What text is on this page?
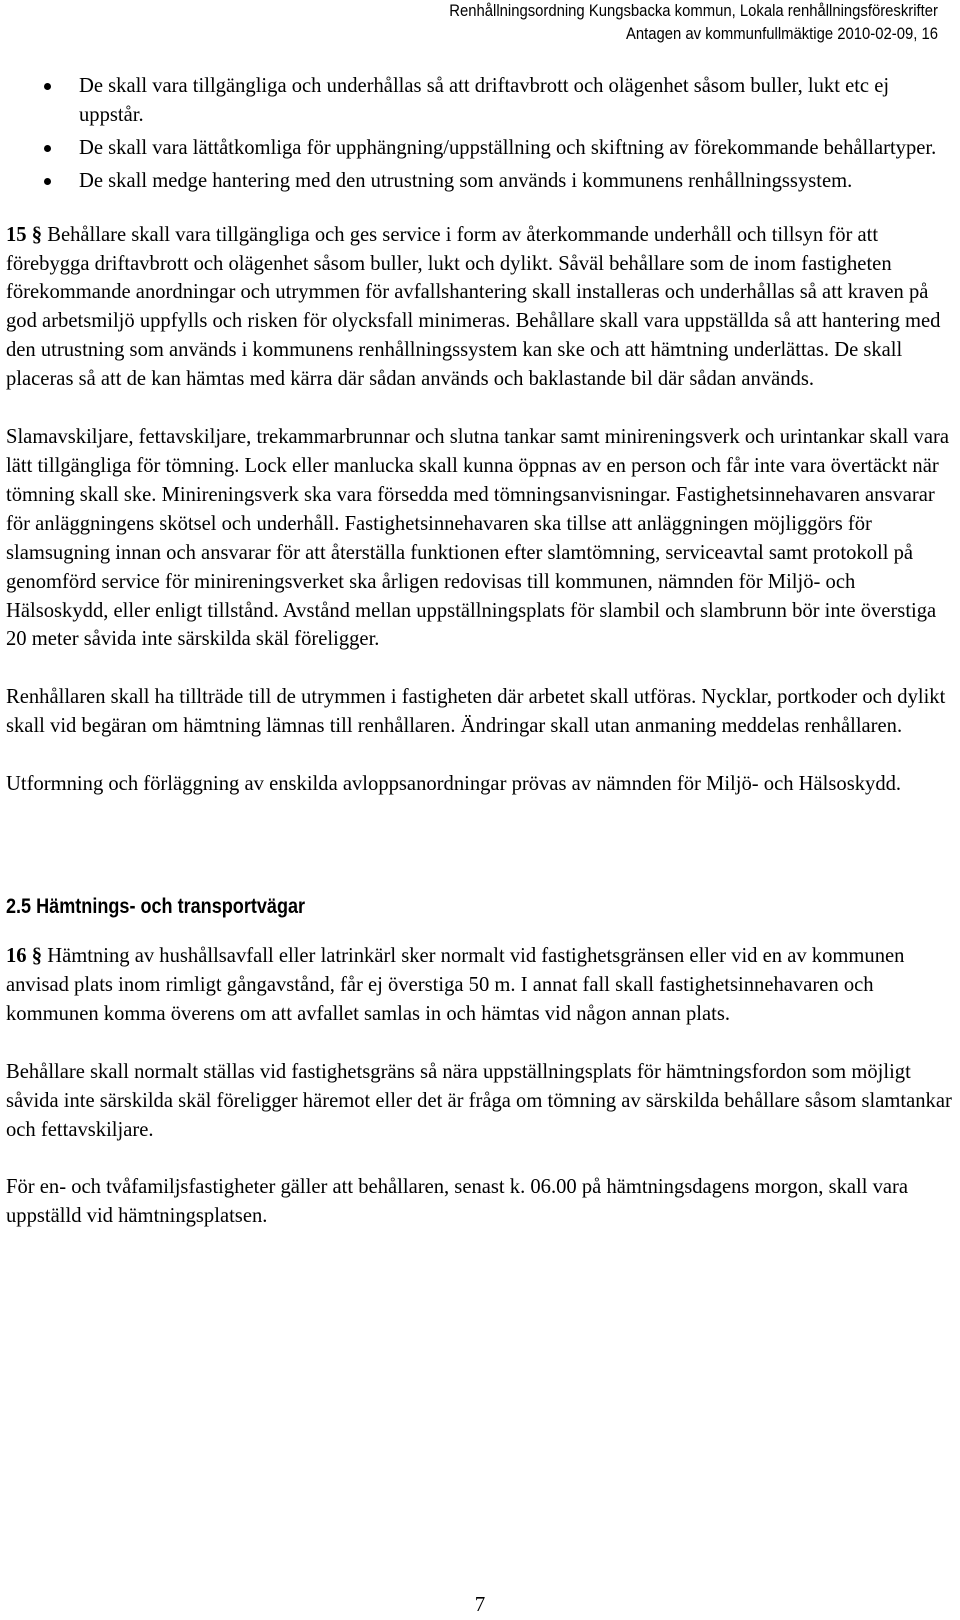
Renhållningsordning Kungsbacka kommun, Lokala renhållningsföreskrifter
Antagen av kommunfullmäktige 2010-02-09, 16
De skall vara tillgängliga och underhållas så att driftavbrott och olägenhet såsom buller, lukt etc ej uppstår.
De skall vara lättåtkomliga för upphängning/uppställning och skiftning av förekommande behållartyper.
De skall medge hantering med den utrustning som används i kommunens renhållningssystem.

15 § Behållare skall vara tillgängliga och ges service i form av återkommande underhåll och tillsyn för att förebygga driftavbrott och olägenhet såsom buller, lukt och dylikt. Såväl behållare som de inom fastigheten förekommande anordningar och utrymmen för avfallshantering skall installeras och underhållas så att kraven på god arbetsmiljö uppfylls och risken för olycksfall minimeras. Behållare skall vara uppställda så att hantering med den utrustning som används i kommunens renhållningssystem kan ske och att hämtning underlättas. De skall placeras så att de kan hämtas med kärra där sådan används och baklastande bil där sådan används.

Slamavskiljare, fettavskiljare, trekammarbrunnar och slutna tankar samt minireningsverk och urintankar skall vara lätt tillgängliga för tömning. Lock eller manlucka skall kunna öppnas av en person och får inte vara övertäckt när tömning skall ske. Minireningsverk ska vara försedda med tömningsanvisningar. Fastighetsinnehavaren ansvarar för anläggningens skötsel och underhåll. Fastighetsinnehavaren ska tillse att anläggningen möjliggörs för slamsugning innan och ansvarar för att återställa funktionen efter slamtömning, serviceavtal samt protokoll på genomförd service för minireningsverket ska årligen redovisas till kommunen, nämnden för Miljö- och Hälsoskydd, eller enligt tillstånd. Avstånd mellan uppställningsplats för slambil och slambrunn bör inte överstiga 20 meter såvida inte särskilda skäl föreligger.

Renhållaren skall ha tillträde till de utrymmen i fastigheten där arbetet skall utföras. Nycklar, portkoder och dylikt skall vid begäran om hämtning lämnas till renhållaren. Ändringar skall utan anmaning meddelas renhållaren.

Utformning och förläggning av enskilda avloppsanordningar prövas av nämnden för Miljö- och Hälsoskydd.

2.5 Hämtnings- och transportvägar

16 § Hämtning av hushållsavfall eller latrinkärl sker normalt vid fastighetsgränsen eller vid en av kommunen anvisad plats inom rimligt gångavstånd, får ej överstiga 50 m. I annat fall skall fastighetsinnehavaren och kommunen komma överens om att avfallet samlas in och hämtas vid någon annan plats.

Behållare skall normalt ställas vid fastighetsgräns så nära uppställningsplats för hämtningsfordon som möjligt såvida inte särskilda skäl föreligger häremot eller det är fråga om tömning av särskilda behållare såsom slamtankar och fettavskiljare.

För en- och tvåfamiljsfastigheter gäller att behållaren, senast k. 06.00 på hämtningsdagens morgon, skall vara uppställd vid hämtningsplatsen.

7
